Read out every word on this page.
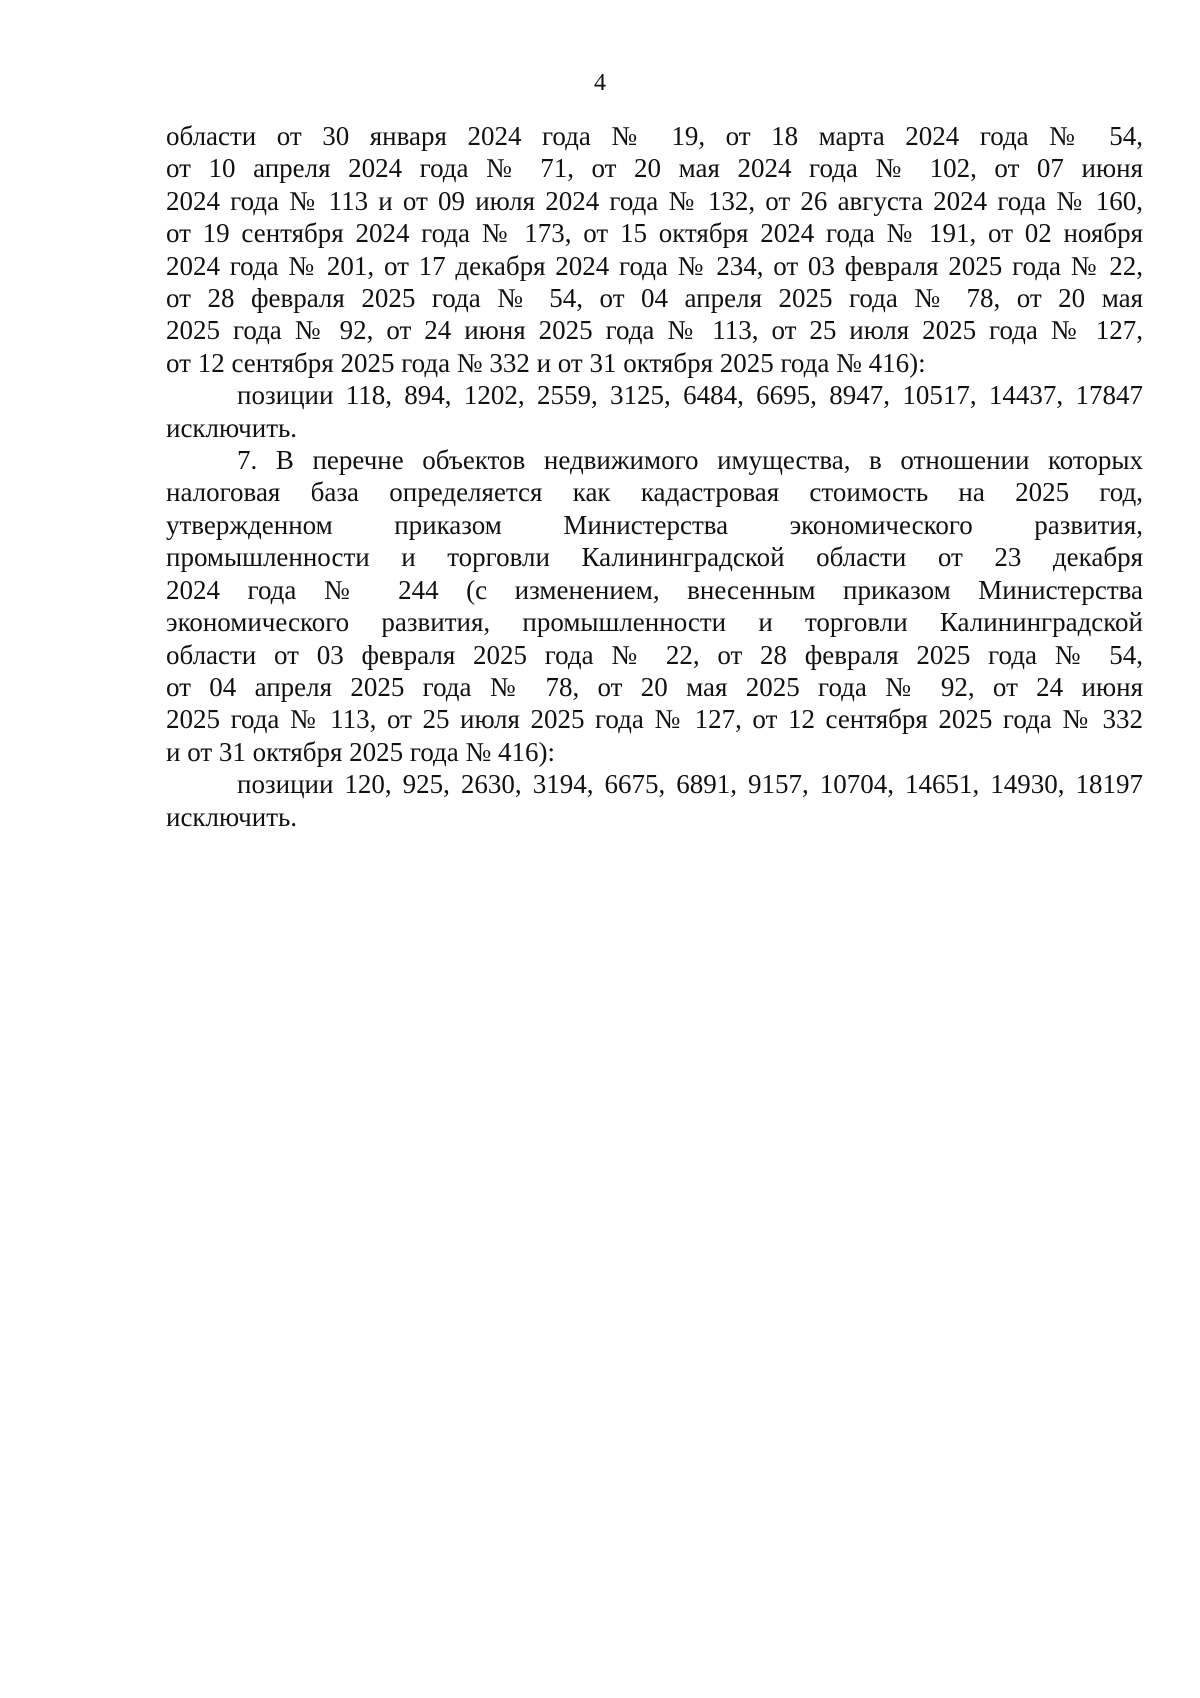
4
области от 30 января 2024 года № 19, от 18 марта 2024 года № 54,
от 10 апреля 2024 года № 71, от 20 мая 2024 года № 102, от 07 июня
2024 года № 113 и от 09 июля 2024 года № 132, от 26 августа 2024 года № 160,
от 19 сентября 2024 года № 173, от 15 октября 2024 года № 191, от 02 ноября
2024 года № 201, от 17 декабря 2024 года № 234, от 03 февраля 2025 года № 22,
от 28 февраля 2025 года № 54, от 04 апреля 2025 года № 78, от 20 мая
2025 года № 92, от 24 июня 2025 года № 113, от 25 июля 2025 года № 127,
от 12 сентября 2025 года № 332 и от 31 октября 2025 года № 416):
позиции 118, 894, 1202, 2559, 3125, 6484, 6695, 8947, 10517, 14437, 17847
исключить.
7. В перечне объектов недвижимого имущества, в отношении которых
налоговая база определяется как кадастровая стоимость на 2025 год,
утвержденном приказом Министерства экономического развития,
промышленности и торговли Калининградской области от 23 декабря
2024 года № 244 (с изменением, внесенным приказом Министерства
экономического развития, промышленности и торговли Калининградской
области от 03 февраля 2025 года № 22, от 28 февраля 2025 года № 54,
от 04 апреля 2025 года № 78, от 20 мая 2025 года № 92, от 24 июня
2025 года № 113, от 25 июля 2025 года № 127, от 12 сентября 2025 года № 332
и от 31 октября 2025 года № 416):
позиции 120, 925, 2630, 3194, 6675, 6891, 9157, 10704, 14651, 14930, 18197
исключить.
